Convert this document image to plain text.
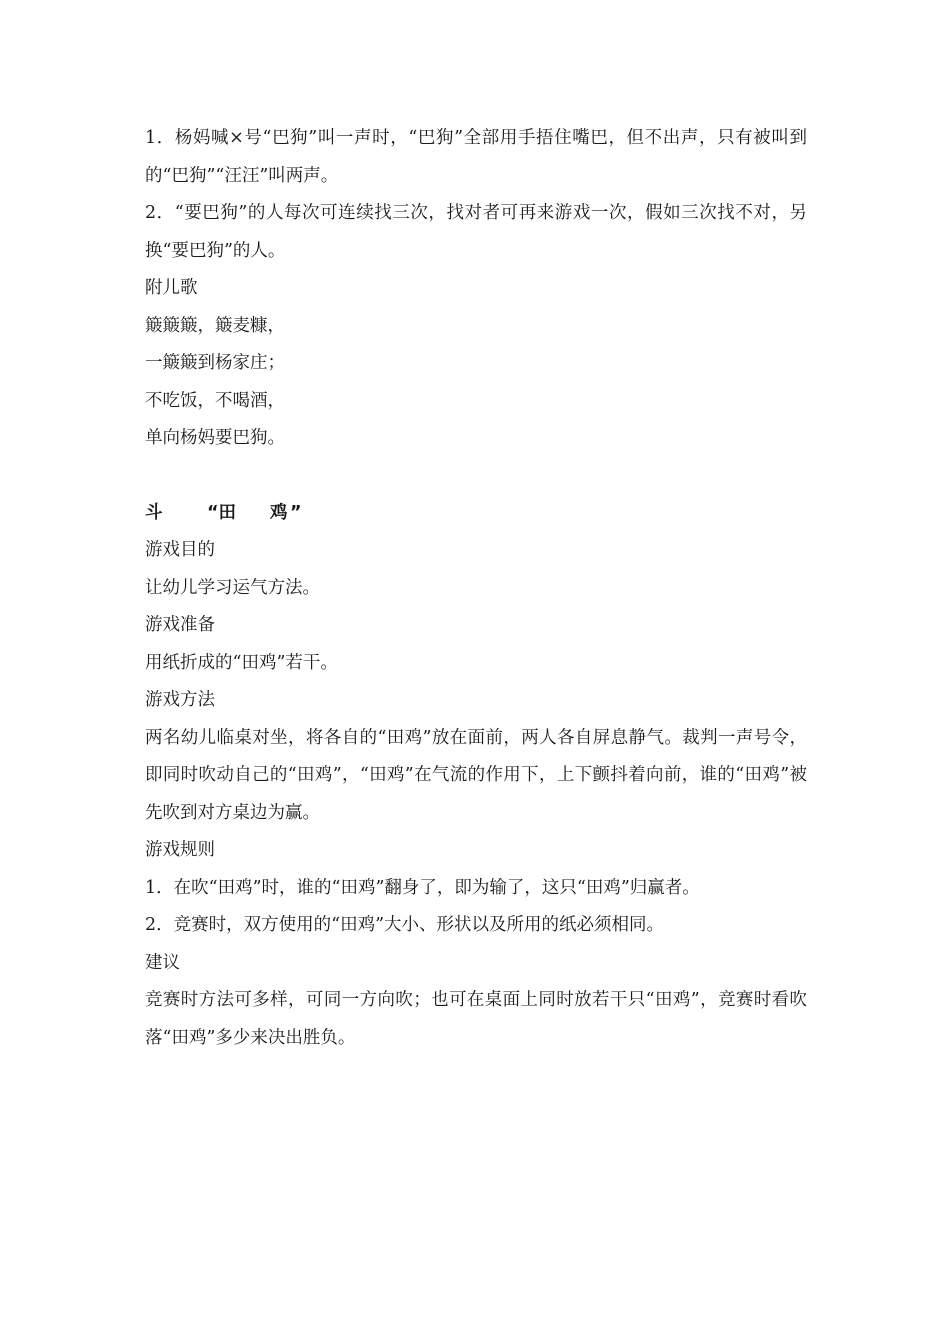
1．杨妈喊×号“巴狗”叫一声时，“巴狗”全部用手捂住嘴巴，但不出声，只有被叫到的“巴狗”“汪汪”叫两声。

2．“要巴狗”的人每次可连续找三次，找对者可再来游戏一次，假如三次找不对，另换“要巴狗”的人。

附儿歌

簸簸簸，簸麦糠，

一簸簸到杨家庄；

不吃饭，不喝酒，

单向杨妈要巴狗。

斗	“田 鸡 ”

游戏目的

让幼儿学习运气方法。

游戏准备

用纸折成的“田鸡”若干。

游戏方法

两名幼儿临桌对坐，将各自的“田鸡”放在面前，两人各自屏息静气。裁判一声号令，即同时吹动自己的“田鸡”，“田鸡”在气流的作用下，上下颤抖着向前，谁的“田鸡”被先吹到对方桌边为赢。

游戏规则

1．在吹“田鸡”时，谁的“田鸡”翻身了，即为输了，这只“田鸡”归赢者。

2．竞赛时，双方使用的“田鸡”大小、形状以及所用的纸必须相同。

建议

竞赛时方法可多样，可同一方向吹；也可在桌面上同时放若干只“田鸡”，竞赛时看吹落“田鸡”多少来决出胜负。
